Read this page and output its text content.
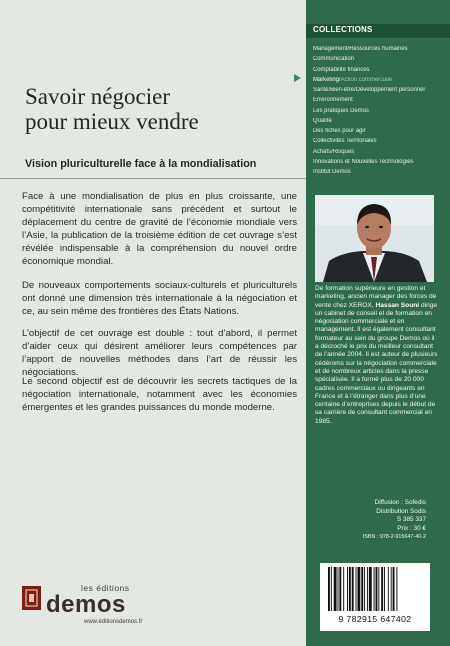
COLLECTIONS
Management/Ressources humaines
Communication
Comptabilité finances
Marketing/Action commerciale
Santé/Bien-être/Développement personnel
Environnement
Les pratiques Demos
Qualité
Des fiches pour agir
Collectivités Territoriales
Achats/Risques
Innovations et Nouvelles Technologies
Institut Demos
De formation supérieure en gestion et marketing, ancien manager des forces de vente chez XEROX, Hassan Souni dirige un cabinet de conseil et de formation en négociation commerciale et en management. Il est également consultant formateur au sein du groupe Demos où il a décroché le prix du meilleur consultant de l’année 2004. Il est auteur de plusieurs cédéroms sur la négociation commerciale et de nombreux articles dans la presse spécialisée. Il a formé plus de 20 000 cadres commerciaux ou dirigeants en France et à l’étranger dans plus d’une centaine d’entreprises depuis le début de sa carrière de consultant commercial en 1985.
Diffusion : Sofedis
Distribution Sodis
S 385 337
Prix : 30 €
ISBN : 978-2-915647-40-2
9 782915 647402
Savoir négocier
pour mieux vendre
Vision pluriculturelle face à la mondialisation

Face à une mondialisation de plus en plus croissante, une compétitivité internationale sans précédent et surtout le déplacement du centre de gravité de l’économie mondiale vers l’Asie, la publication de la troisième édition de cet ouvrage s’est révélée indispensable à la compréhension du nouvel ordre économique mondial.

De nouveaux comportements sociaux-culturels et pluriculturels ont donné une dimension très internationale à la négociation et ce, au sein même des frontières des États Nations.

L’objectif de cet ouvrage est double : tout d’abord, il permet d’aider ceux qui désirent améliorer leurs compétences par l’apport de nouvelles méthodes dans l’art de réussir les négociations.

Le second objectif est de découvrir les secrets tactiques de la négociation internationale, notamment avec les économies émergentes et les grandes puissances du monde moderne.

les éditions
demos
www.editionsdemos.fr
